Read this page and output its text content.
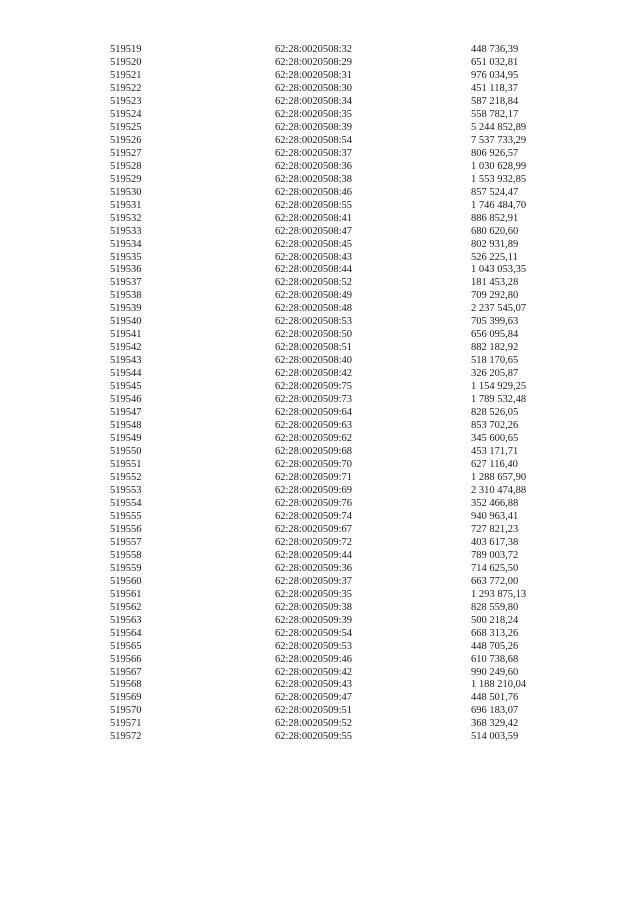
519519	62:28:0020508:32	448 736,39
519520	62:28:0020508:29	651 032,81
519521	62:28:0020508:31	976 034,95
519522	62:28:0020508:30	451 118,37
519523	62:28:0020508:34	587 218,84
519524	62:28:0020508:35	558 782,17
519525	62:28:0020508:39	5 244 852,89
519526	62:28:0020508:54	7 537 733,29
519527	62:28:0020508:37	806 926,57
519528	62:28:0020508:36	1 030 628,99
519529	62:28:0020508:38	1 553 932,85
519530	62:28:0020508:46	857 524,47
519531	62:28:0020508:55	1 746 484,70
519532	62:28:0020508:41	886 852,91
519533	62:28:0020508:47	680 620,60
519534	62:28:0020508:45	802 931,89
519535	62:28:0020508:43	526 225,11
519536	62:28:0020508:44	1 043 053,35
519537	62:28:0020508:52	181 453,28
519538	62:28:0020508:49	709 292,80
519539	62:28:0020508:48	2 237 545,07
519540	62:28:0020508:53	705 399,63
519541	62:28:0020508:50	656 095,84
519542	62:28:0020508:51	882 182,92
519543	62:28:0020508:40	518 170,65
519544	62:28:0020508:42	326 205,87
519545	62:28:0020509:75	1 154 929,25
519546	62:28:0020509:73	1 789 532,48
519547	62:28:0020509:64	828 526,05
519548	62:28:0020509:63	853 702,26
519549	62:28:0020509:62	345 600,65
519550	62:28:0020509:68	453 171,71
519551	62:28:0020509:70	627 116,40
519552	62:28:0020509:71	1 288 657,90
519553	62:28:0020509:69	2 310 474,88
519554	62:28:0020509:76	352 466,88
519555	62:28:0020509:74	940 963,41
519556	62:28:0020509:67	727 821,23
519557	62:28:0020509:72	403 617,38
519558	62:28:0020509:44	789 003,72
519559	62:28:0020509:36	714 625,50
519560	62:28:0020509:37	663 772,00
519561	62:28:0020509:35	1 293 875,13
519562	62:28:0020509:38	828 559,80
519563	62:28:0020509:39	500 218,24
519564	62:28:0020509:54	668 313,26
519565	62:28:0020509:53	448 705,26
519566	62:28:0020509:46	610 738,68
519567	62:28:0020509:42	990 249,60
519568	62:28:0020509:43	1 188 210,04
519569	62:28:0020509:47	448 501,76
519570	62:28:0020509:51	696 183,07
519571	62:28:0020509:52	368 329,42
519572	62:28:0020509:55	514 003,59
